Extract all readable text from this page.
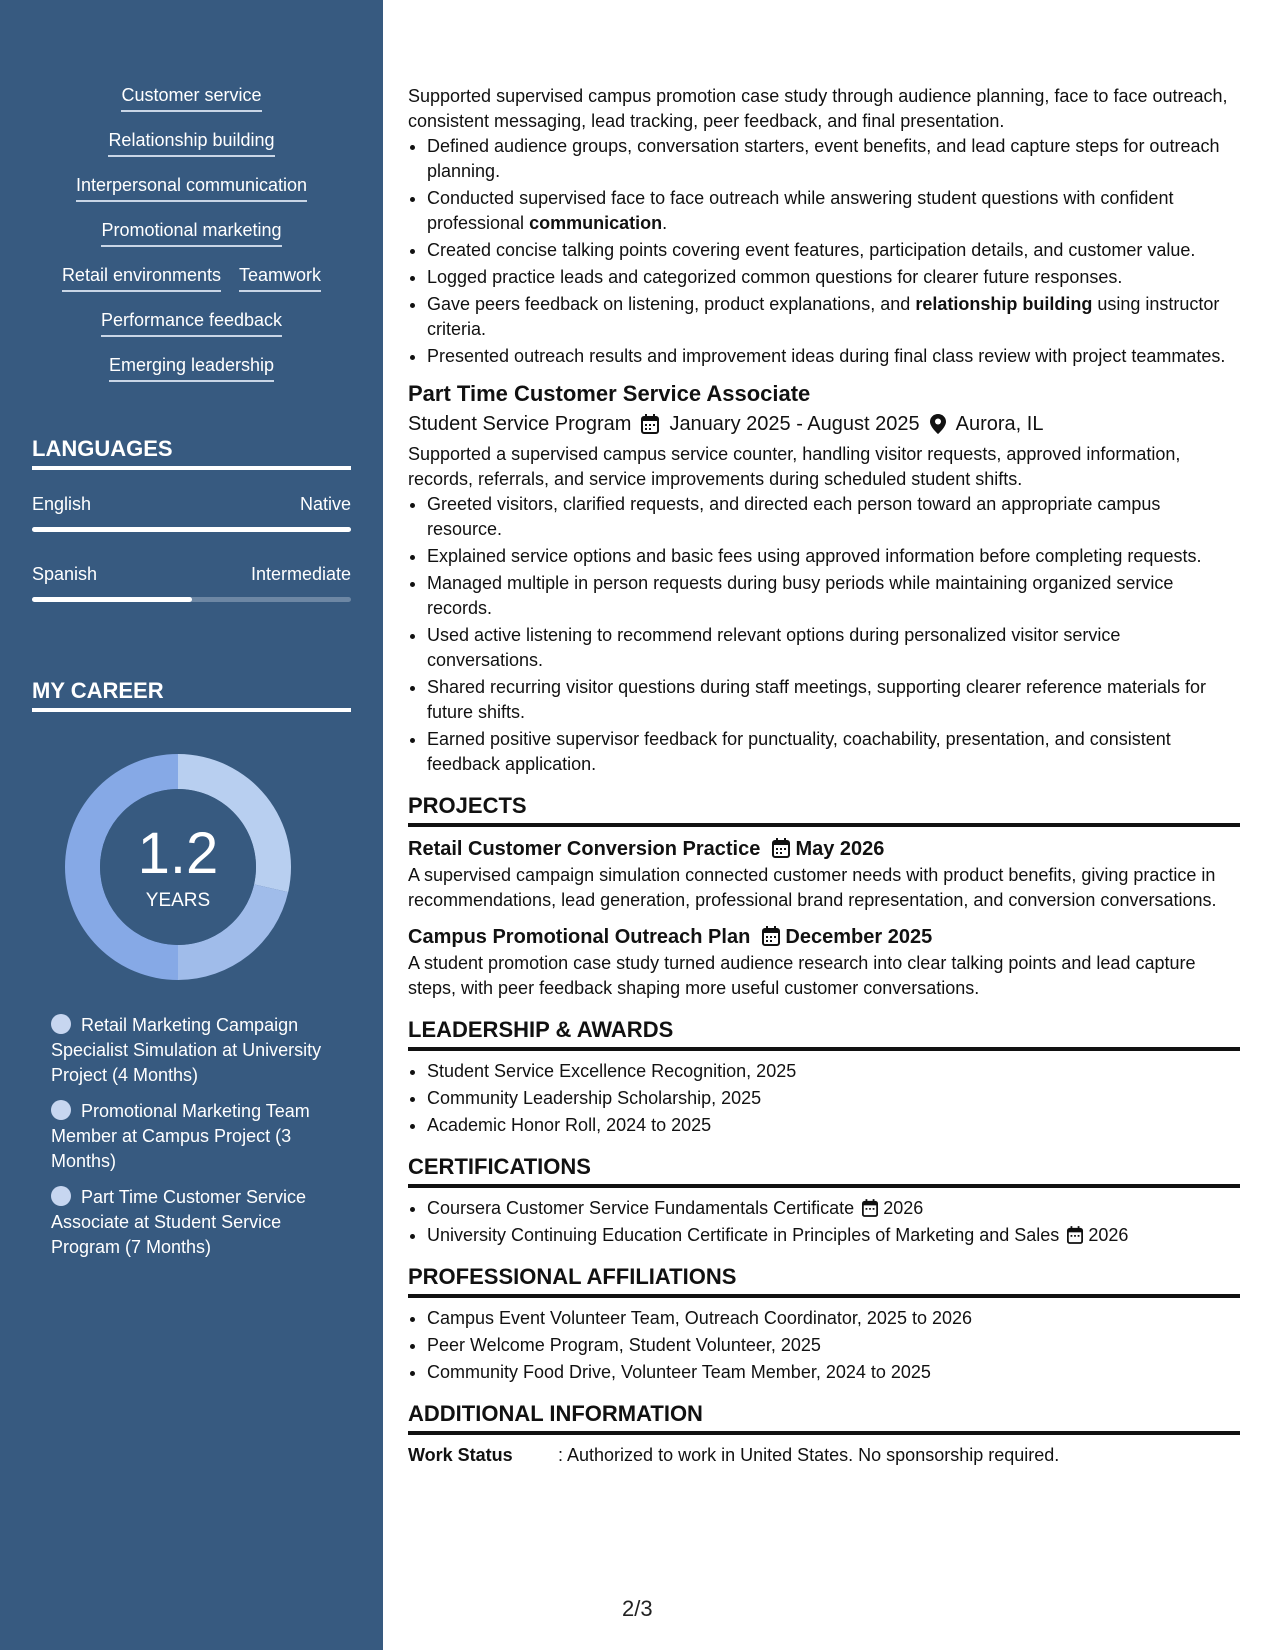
Customer service
Relationship building
Interpersonal communication
Promotional marketing
Retail environments Teamwork
Performance feedback
Emerging leadership
LANGUAGES
English	Native
Spanish	Intermediate
MY CAREER
1.2
YEARS
Retail Marketing Campaign Specialist Simulation at University Project (4 Months)
Promotional Marketing Team Member at Campus Project (3 Months)
Part Time Customer Service Associate at Student Service Program (7 Months)

Supported supervised campus promotion case study through audience planning, face to face outreach, consistent messaging, lead tracking, peer feedback, and final presentation.

• Defined audience groups, conversation starters, event benefits, and lead capture steps for outreach planning.
• Conducted supervised face to face outreach while answering student questions with confident professional communication.
• Created concise talking points covering event features, participation details, and customer value.
• Logged practice leads and categorized common questions for clearer future responses.
• Gave peers feedback on listening, product explanations, and relationship building using instructor criteria.
• Presented outreach results and improvement ideas during final class review with project teammates.
Part Time Customer Service Associate
Student Service Program January 2025 - August 2025 Aurora, IL

Supported a supervised campus service counter, handling visitor requests, approved information, records, referrals, and service improvements during scheduled student shifts.

• Greeted visitors, clarified requests, and directed each person toward an appropriate campus resource.
• Explained service options and basic fees using approved information before completing requests.
• Managed multiple in person requests during busy periods while maintaining organized service records.
• Used active listening to recommend relevant options during personalized visitor service conversations.
• Shared recurring visitor questions during staff meetings, supporting clearer reference materials for future shifts.
• Earned positive supervisor feedback for punctuality, coachability, presentation, and consistent feedback application.
PROJECTS
Retail Customer Conversion Practice May 2026

A supervised campaign simulation connected customer needs with product benefits, giving practice in recommendations, lead generation, professional brand representation, and conversion conversations.

Campus Promotional Outreach Plan December 2025

A student promotion case study turned audience research into clear talking points and lead capture steps, with peer feedback shaping more useful customer conversations.

LEADERSHIP & AWARDS
• Student Service Excellence Recognition, 2025
• Community Leadership Scholarship, 2025
• Academic Honor Roll, 2024 to 2025
CERTIFICATIONS
• Coursera Customer Service Fundamentals Certificate 2026
• University Continuing Education Certificate in Principles of Marketing and Sales 2026
PROFESSIONAL AFFILIATIONS
• Campus Event Volunteer Team, Outreach Coordinator, 2025 to 2026
• Peer Welcome Program, Student Volunteer, 2025
• Community Food Drive, Volunteer Team Member, 2024 to 2025
ADDITIONAL INFORMATION
Work Status	: Authorized to work in United States. No sponsorship required.
2/3
